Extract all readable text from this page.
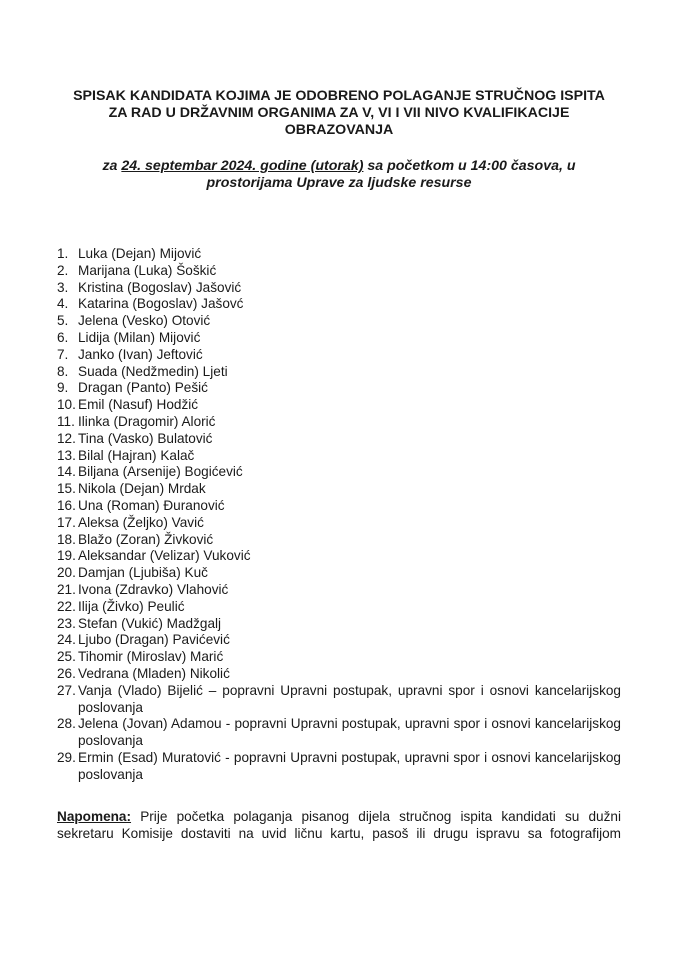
SPISAK KANDIDATA KOJIMA JE ODOBRENO POLAGANJE STRUČNOG ISPITA
ZA RAD U DRŽAVNIM ORGANIMA ZA V, VI I VII NIVO KVALIFIKACIJE
OBRAZOVANJA
za 24. septembar 2024. godine (utorak) sa početkom u 14:00 časova, u
prostorijama Uprave za ljudske resurse
1. Luka (Dejan) Mijović
2. Marijana (Luka) Šoškić
3. Kristina (Bogoslav) Jašović
4. Katarina (Bogoslav) Jašovć
5. Jelena (Vesko) Otović
6. Lidija (Milan) Mijović
7. Janko (Ivan) Jeftović
8. Suada (Nedžmedin) Ljeti
9. Dragan (Panto) Pešić
10. Emil (Nasuf) Hodžić
11. Ilinka (Dragomir) Alorić
12. Tina (Vasko) Bulatović
13. Bilal (Hajran) Kalač
14. Biljana (Arsenije) Bogićević
15. Nikola (Dejan) Mrdak
16. Una (Roman) Đuranović
17. Aleksa (Željko) Vavić
18. Blažo (Zoran) Živković
19. Aleksandar (Velizar) Vuković
20. Damjan (Ljubiša) Kuč
21. Ivona (Zdravko) Vlahović
22. Ilija (Živko) Peulić
23. Stefan (Vukić) Madžgalj
24. Ljubo (Dragan) Pavićević
25. Tihomir (Miroslav) Marić
26. Vedrana (Mladen) Nikolić
27. Vanja (Vlado) Bijelić – popravni Upravni postupak, upravni spor i osnovi kancelarijskog poslovanja
28. Jelena (Jovan) Adamou - popravni Upravni postupak, upravni spor i osnovi kancelarijskog poslovanja
29. Ermin (Esad) Muratović - popravni Upravni postupak, upravni spor i osnovi kancelarijskog poslovanja
Napomena: Prije početka polaganja pisanog dijela stručnog ispita kandidati su dužni sekretaru Komisije dostaviti na uvid ličnu kartu, pasoš ili drugu ispravu sa fotografijom
